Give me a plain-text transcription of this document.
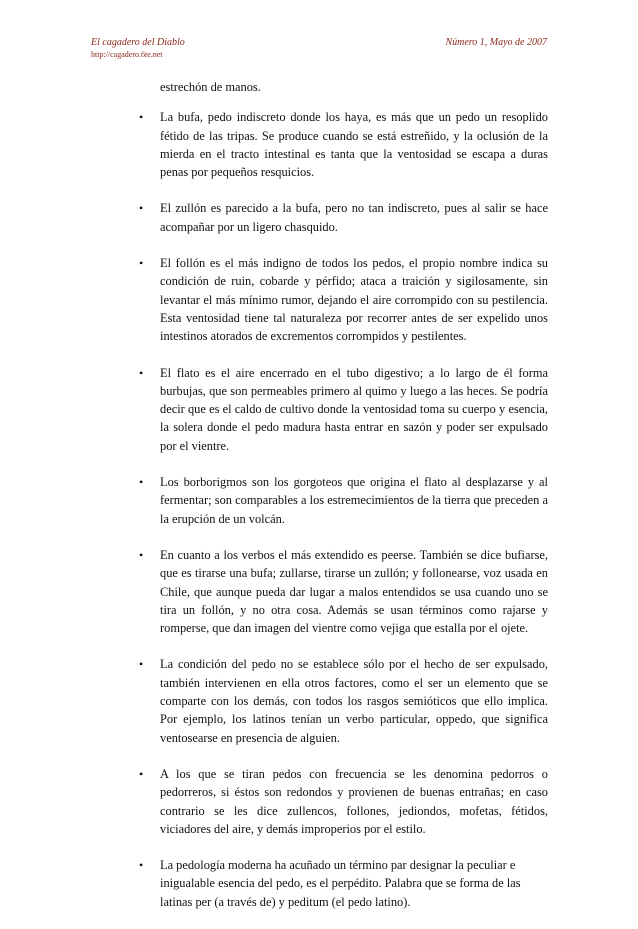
El cagadero del Diablo
http://cagadero.6te.net
Número 1, Mayo de 2007
estrechón de manos.
• La bufa, pedo indiscreto donde los haya, es más que un pedo un resoplido fétido de las tripas. Se produce cuando se está estreñido, y la oclusión de la mierda en el tracto intestinal es tanta que la ventosidad se escapa a duras penas por pequeños resquicios.
• El zullón es parecido a la bufa, pero no tan indiscreto, pues al salir se hace acompañar por un ligero chasquido.
• El follón es el más indigno de todos los pedos, el propio nombre indica su condición de ruin, cobarde y pérfido; ataca a traición y sigilosamente, sin levantar el más mínimo rumor, dejando el aire corrompido con su pestilencia. Esta ventosidad tiene tal naturaleza por recorrer antes de ser expelido unos intestinos atorados de excrementos corrompidos y pestilentes.
• El flato es el aire encerrado en el tubo digestivo; a lo largo de él forma burbujas, que son permeables primero al quimo y luego a las heces. Se podría decir que es el caldo de cultivo donde la ventosidad toma su cuerpo y esencia, la solera donde el pedo madura hasta entrar en sazón y poder ser expulsado por el vientre.
• Los borborigmos son los gorgoteos que origina el flato al desplazarse y al fermentar; son comparables a los estremecimientos de la tierra que preceden a la erupción de un volcán.
• En cuanto a los verbos el más extendido es peerse. También se dice bufiarse, que es tirarse una bufa; zullarse, tirarse un zullón; y follonearse, voz usada en Chile, que aunque pueda dar lugar a malos entendidos se usa cuando uno se tira un follón, y no otra cosa. Además se usan términos como rajarse y romperse, que dan imagen del vientre como vejiga que estalla por el ojete.
• La condición del pedo no se establece sólo por el hecho de ser expulsado, también intervienen en ella otros factores, como el ser un elemento que se comparte con los demás, con todos los rasgos semióticos que ello implica. Por ejemplo, los latinos tenían un verbo particular, oppedo, que significa ventosearse en presencia de alguien.
• A los que se tiran pedos con frecuencia se les denomina pedorros o pedorreros, si éstos son redondos y provienen de buenas entrañas; en caso contrario se les dice zullencos, follones, jediondos, mofetas, fétidos, viciadores del aire, y demás improperios por el estilo.
• La pedología moderna ha acuñado un término par designar la peculiar e inigualable esencia del pedo, es el perpédito. Palabra que se forma de las latinas per (a través de) y peditum (el pedo latino).
